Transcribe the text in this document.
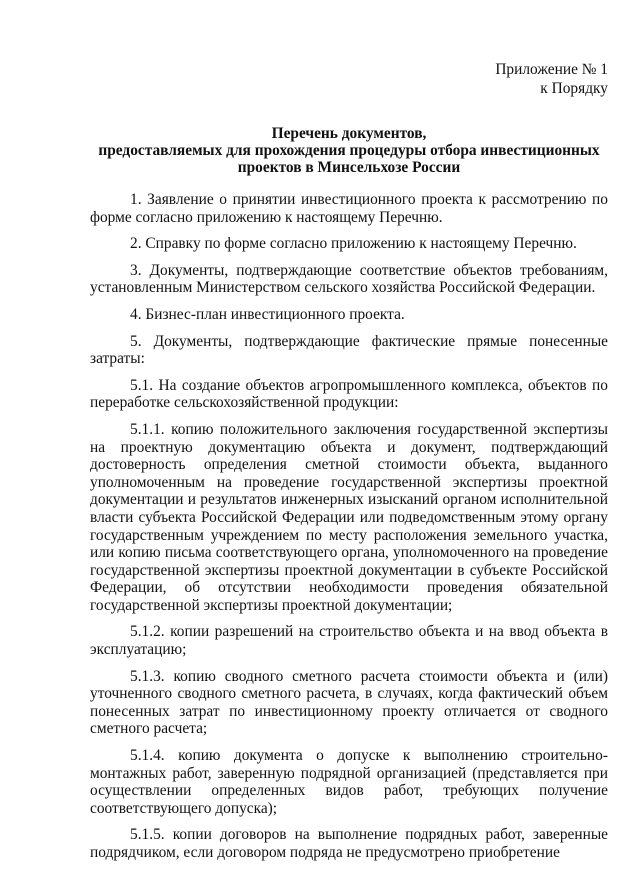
Приложение № 1
к Порядку
Перечень документов,
предоставляемых для прохождения процедуры отбора инвестиционных
проектов в Минсельхозе России

1. Заявление о принятии инвестиционного проекта к рассмотрению по форме согласно приложению к настоящему Перечню.

2. Справку по форме согласно приложению к настоящему Перечню.

3. Документы, подтверждающие соответствие объектов требованиям, установленным Министерством сельского хозяйства Российской Федерации.

4. Бизнес-план инвестиционного проекта.

5. Документы, подтверждающие фактические прямые понесенные затраты:

5.1. На создание объектов агропромышленного комплекса, объектов по переработке сельскохозяйственной продукции:

5.1.1. копию положительного заключения государственной экспертизы на проектную документацию объекта и документ, подтверждающий достоверность определения сметной стоимости объекта, выданного уполномоченным на проведение государственной экспертизы проектной документации и результатов инженерных изысканий органом исполнительной власти субъекта Российской Федерации или подведомственным этому органу государственным учреждением по месту расположения земельного участка, или копию письма соответствующего органа, уполномоченного на проведение государственной экспертизы проектной документации в субъекте Российской Федерации, об отсутствии необходимости проведения обязательной государственной экспертизы проектной документации;

5.1.2. копии разрешений на строительство объекта и на ввод объекта в эксплуатацию;

5.1.3. копию сводного сметного расчета стоимости объекта и (или) уточненного сводного сметного расчета, в случаях, когда фактический объем понесенных затрат по инвестиционному проекту отличается от сводного сметного расчета;

5.1.4. копию документа о допуске к выполнению строительно-монтажных работ, заверенную подрядной организацией (представляется при осуществлении определенных видов работ, требующих получение соответствующего допуска);

5.1.5. копии договоров на выполнение подрядных работ, заверенные подрядчиком, если договором подряда не предусмотрено приобретение
